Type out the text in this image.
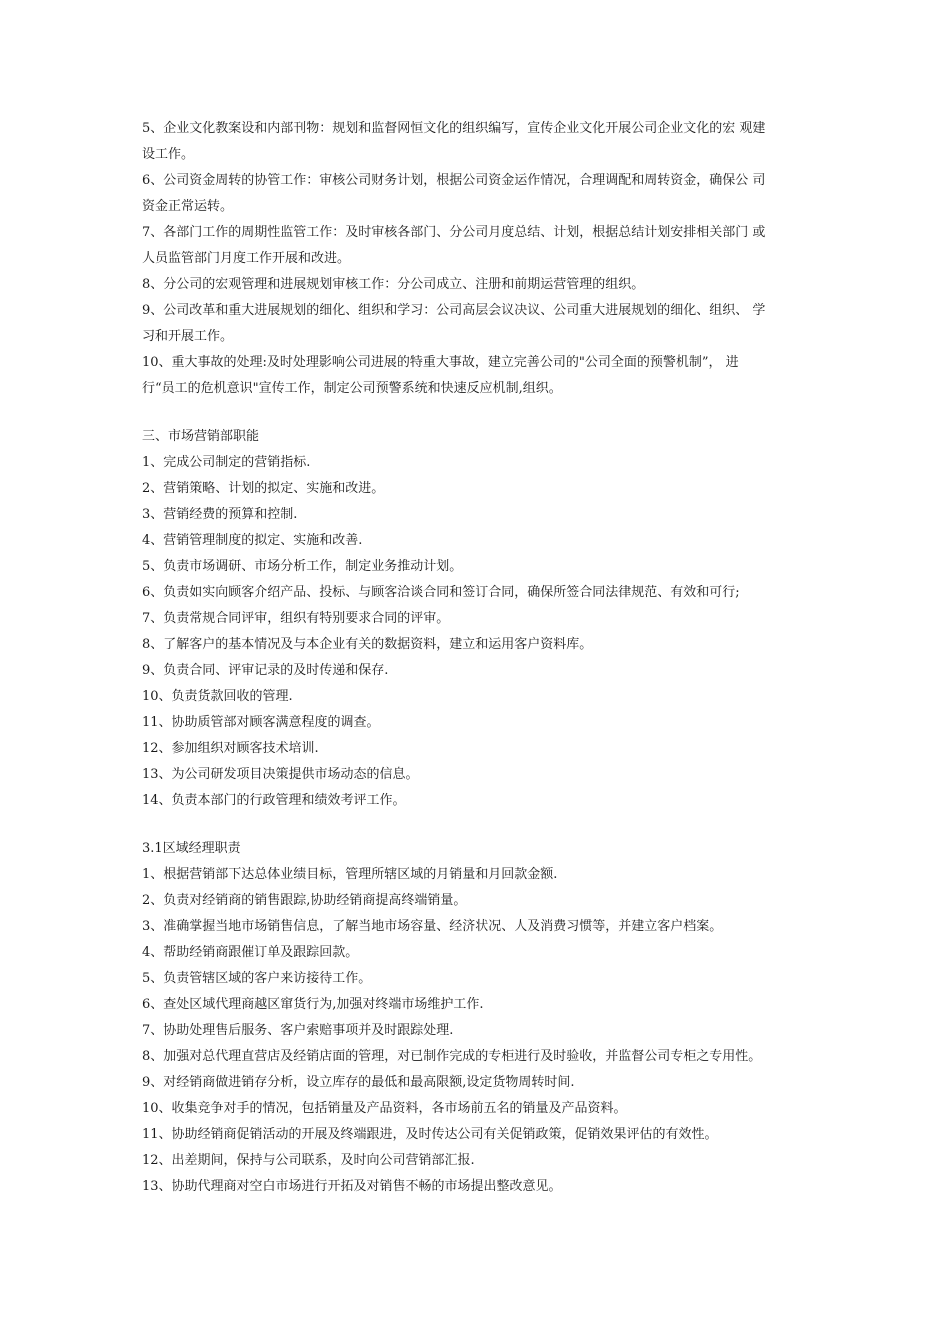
5、企业文化教案设和内部刊物：规划和监督网恒文化的组织编写，宣传企业文化开展公司企业文化的宏 观建
设工作。
6、公司资金周转的协管工作：审核公司财务计划，根据公司资金运作情况，合理调配和周转资金，确保公 司
资金正常运转。
7、各部门工作的周期性监管工作：及时审核各部门、分公司月度总结、计划，根据总结计划安排相关部门 或
人员监管部门月度工作开展和改进。
8、分公司的宏观管理和进展规划审核工作：分公司成立、注册和前期运营管理的组织。
9、公司改革和重大进展规划的细化、组织和学习：公司高层会议决议、公司重大进展规划的细化、组织、 学
习和开展工作。
10、重大事故的处理:及时处理影响公司进展的特重大事故，建立完善公司的"公司全面的预警机制”， 进
行“员工的危机意识"宣传工作，制定公司预警系统和快速反应机制,组织。
三、市场营销部职能
1、完成公司制定的营销指标.
2、营销策略、计划的拟定、实施和改进。
3、营销经费的预算和控制.
4、营销管理制度的拟定、实施和改善.
5、负责市场调研、市场分析工作，制定业务推动计划。
6、负责如实向顾客介绍产品、投标、与顾客洽谈合同和签订合同，确保所签合同法律规范、有效和可行;
7、负责常规合同评审，组织有特别要求合同的评审。
8、了解客户的基本情况及与本企业有关的数据资料，建立和运用客户资料库。
9、负责合同、评审记录的及时传递和保存.
10、负责货款回收的管理.
11、协助质管部对顾客满意程度的调查。
12、参加组织对顾客技术培训.
13、为公司研发项目决策提供市场动态的信息。
14、负责本部门的行政管理和绩效考评工作。
3.1区域经理职责
1、根据营销部下达总体业绩目标，管理所辖区域的月销量和月回款金额.
2、负责对经销商的销售跟踪,协助经销商提高终端销量。
3、准确掌握当地市场销售信息，了解当地市场容量、经济状况、人及消费习惯等，并建立客户档案。
4、帮助经销商跟催订单及跟踪回款。
5、负责管辖区域的客户来访接待工作。
6、查处区域代理商越区窜货行为,加强对终端市场维护工作.
7、协助处理售后服务、客户索赔事项并及时跟踪处理.
8、加强对总代理直营店及经销店面的管理，对已制作完成的专柜进行及时验收，并监督公司专柜之专用性。
9、对经销商做进销存分析，设立库存的最低和最高限额,设定货物周转时间.
10、收集竞争对手的情况，包括销量及产品资料，各市场前五名的销量及产品资料。
11、协助经销商促销活动的开展及终端跟进，及时传达公司有关促销政策，促销效果评估的有效性。
12、出差期间，保持与公司联系，及时向公司营销部汇报.
13、协助代理商对空白市场进行开拓及对销售不畅的市场提出整改意见。
